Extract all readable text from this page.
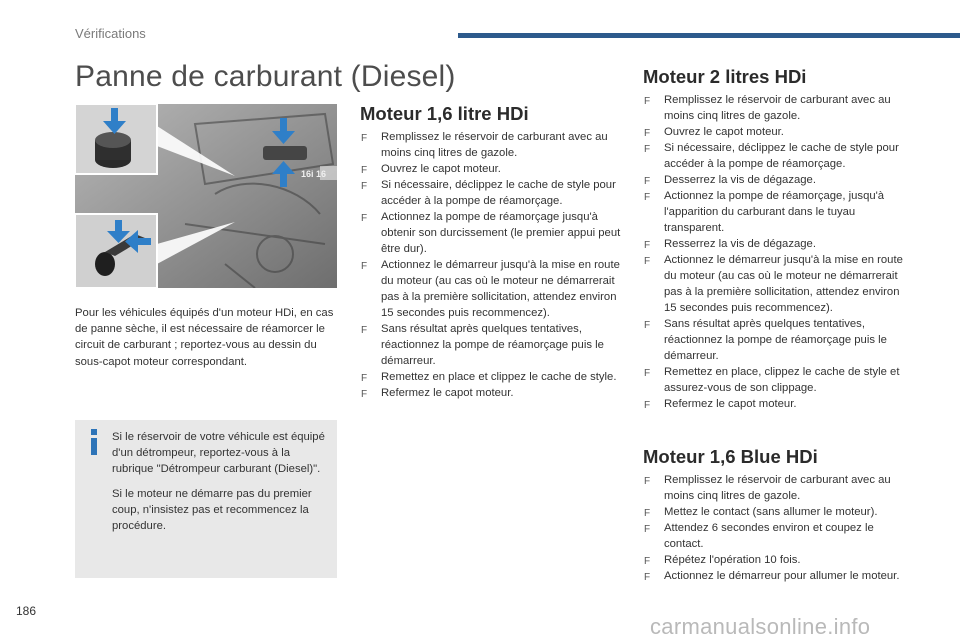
Vérifications
Panne de carburant (Diesel)
16i 16

Pour les véhicules équipés d'un moteur HDi, en cas de panne sèche, il est nécessaire de réamorcer le circuit de carburant ; reportez-vous au dessin du sous-capot moteur correspondant.

Si le réservoir de votre véhicule est équipé d'un détrompeur, reportez-vous à la rubrique "Détrompeur carburant (Diesel)".

Si le moteur ne démarre pas du premier coup, n'insistez pas et recommencez la procédure.

Moteur 1,6 litre HDi
F Remplissez le réservoir de carburant avec au moins cinq litres de gazole.
F Ouvrez le capot moteur.
F Si nécessaire, déclippez le cache de style pour accéder à la pompe de réamorçage.
F Actionnez la pompe de réamorçage jusqu'à obtenir son durcissement (le premier appui peut être dur).
F Actionnez le démarreur jusqu'à la mise en route du moteur (au cas où le moteur ne démarrerait pas à la première sollicitation, attendez environ 15 secondes puis recommencez).
F Sans résultat après quelques tentatives, réactionnez la pompe de réamorçage puis le démarreur.
F Remettez en place et clippez le cache de style.
F Refermez le capot moteur.
Moteur 2 litres HDi
F Remplissez le réservoir de carburant avec au moins cinq litres de gazole.
F Ouvrez le capot moteur.
F Si nécessaire, déclippez le cache de style pour accéder à la pompe de réamorçage.
F Desserrez la vis de dégazage.
F Actionnez la pompe de réamorçage, jusqu'à l'apparition du carburant dans le tuyau transparent.
F Resserrez la vis de dégazage.
F Actionnez le démarreur jusqu'à la mise en route du moteur (au cas où le moteur ne démarrerait pas à la première sollicitation, attendez environ 15 secondes puis recommencez).
F Sans résultat après quelques tentatives, réactionnez la pompe de réamorçage puis le démarreur.
F Remettez en place, clippez le cache de style et assurez-vous de son clippage.
F Refermez le capot moteur.
Moteur 1,6 Blue HDi
F Remplissez le réservoir de carburant avec au moins cinq litres de gazole.
F Mettez le contact (sans allumer le moteur).
F Attendez 6 secondes environ et coupez le contact.
F Répétez l'opération 10 fois.
F Actionnez le démarreur pour allumer le moteur.
186
carmanualsonline.info
